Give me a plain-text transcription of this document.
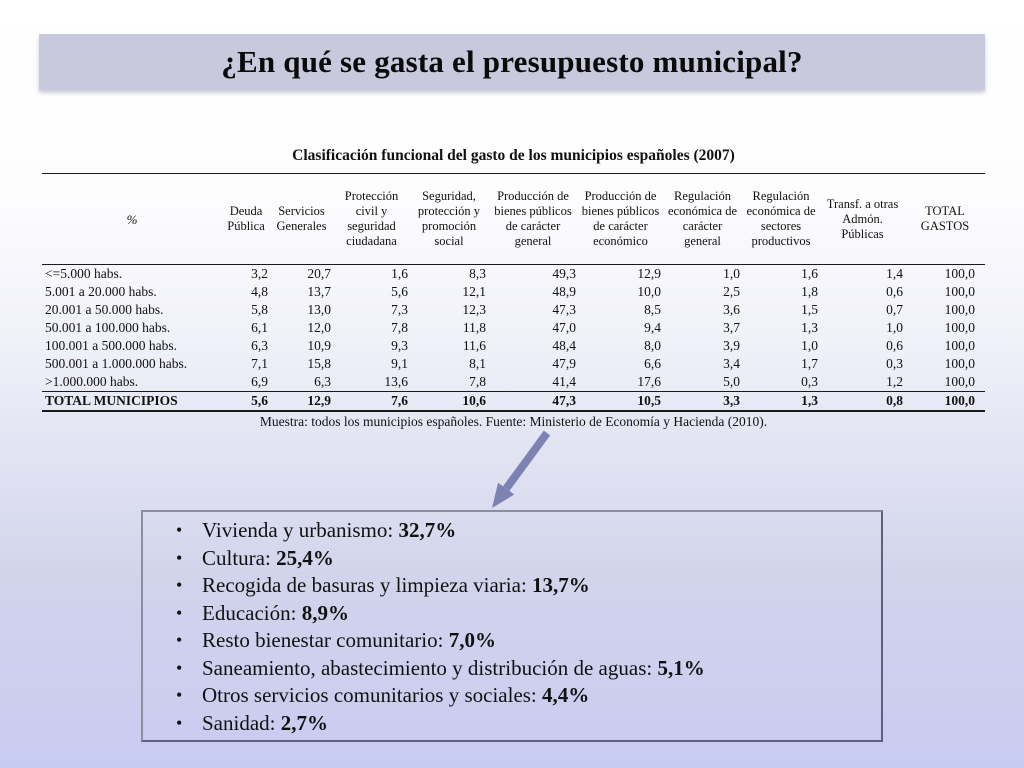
¿En qué se gasta el presupuesto municipal?
Clasificación funcional del gasto de los municipios españoles (2007)
%	Deuda Pública	Servicios Generales	Protección civil y seguridad ciudadana	Seguridad, protección y promoción social	Producción de bienes públicos de carácter general	Producción de bienes públicos de carácter económico	Regulación económica de carácter general	Regulación económica de sectores productivos	Transf. a otras Admón. Públicas	TOTAL GASTOS
<=5.000 habs.	3,2	20,7	1,6	8,3	49,3	12,9	1,0	1,6	1,4	100,0
5.001 a 20.000 habs.	4,8	13,7	5,6	12,1	48,9	10,0	2,5	1,8	0,6	100,0
20.001 a 50.000 habs.	5,8	13,0	7,3	12,3	47,3	8,5	3,6	1,5	0,7	100,0
50.001 a 100.000 habs.	6,1	12,0	7,8	11,8	47,0	9,4	3,7	1,3	1,0	100,0
100.001 a 500.000 habs.	6,3	10,9	9,3	11,6	48,4	8,0	3,9	1,0	0,6	100,0
500.001 a 1.000.000 habs.	7,1	15,8	9,1	8,1	47,9	6,6	3,4	1,7	0,3	100,0
>1.000.000 habs.	6,9	6,3	13,6	7,8	41,4	17,6	5,0	0,3	1,2	100,0
TOTAL MUNICIPIOS	5,6	12,9	7,6	10,6	47,3	10,5	3,3	1,3	0,8	100,0
Muestra: todos los municipios españoles. Fuente: Ministerio de Economía y Hacienda (2010).
• Vivienda y urbanismo: 32,7%
• Cultura: 25,4%
• Recogida de basuras y limpieza viaria: 13,7%
• Educación: 8,9%
• Resto bienestar comunitario: 7,0%
• Saneamiento, abastecimiento y distribución de aguas: 5,1%
• Otros servicios comunitarios y sociales: 4,4%
• Sanidad: 2,7%
